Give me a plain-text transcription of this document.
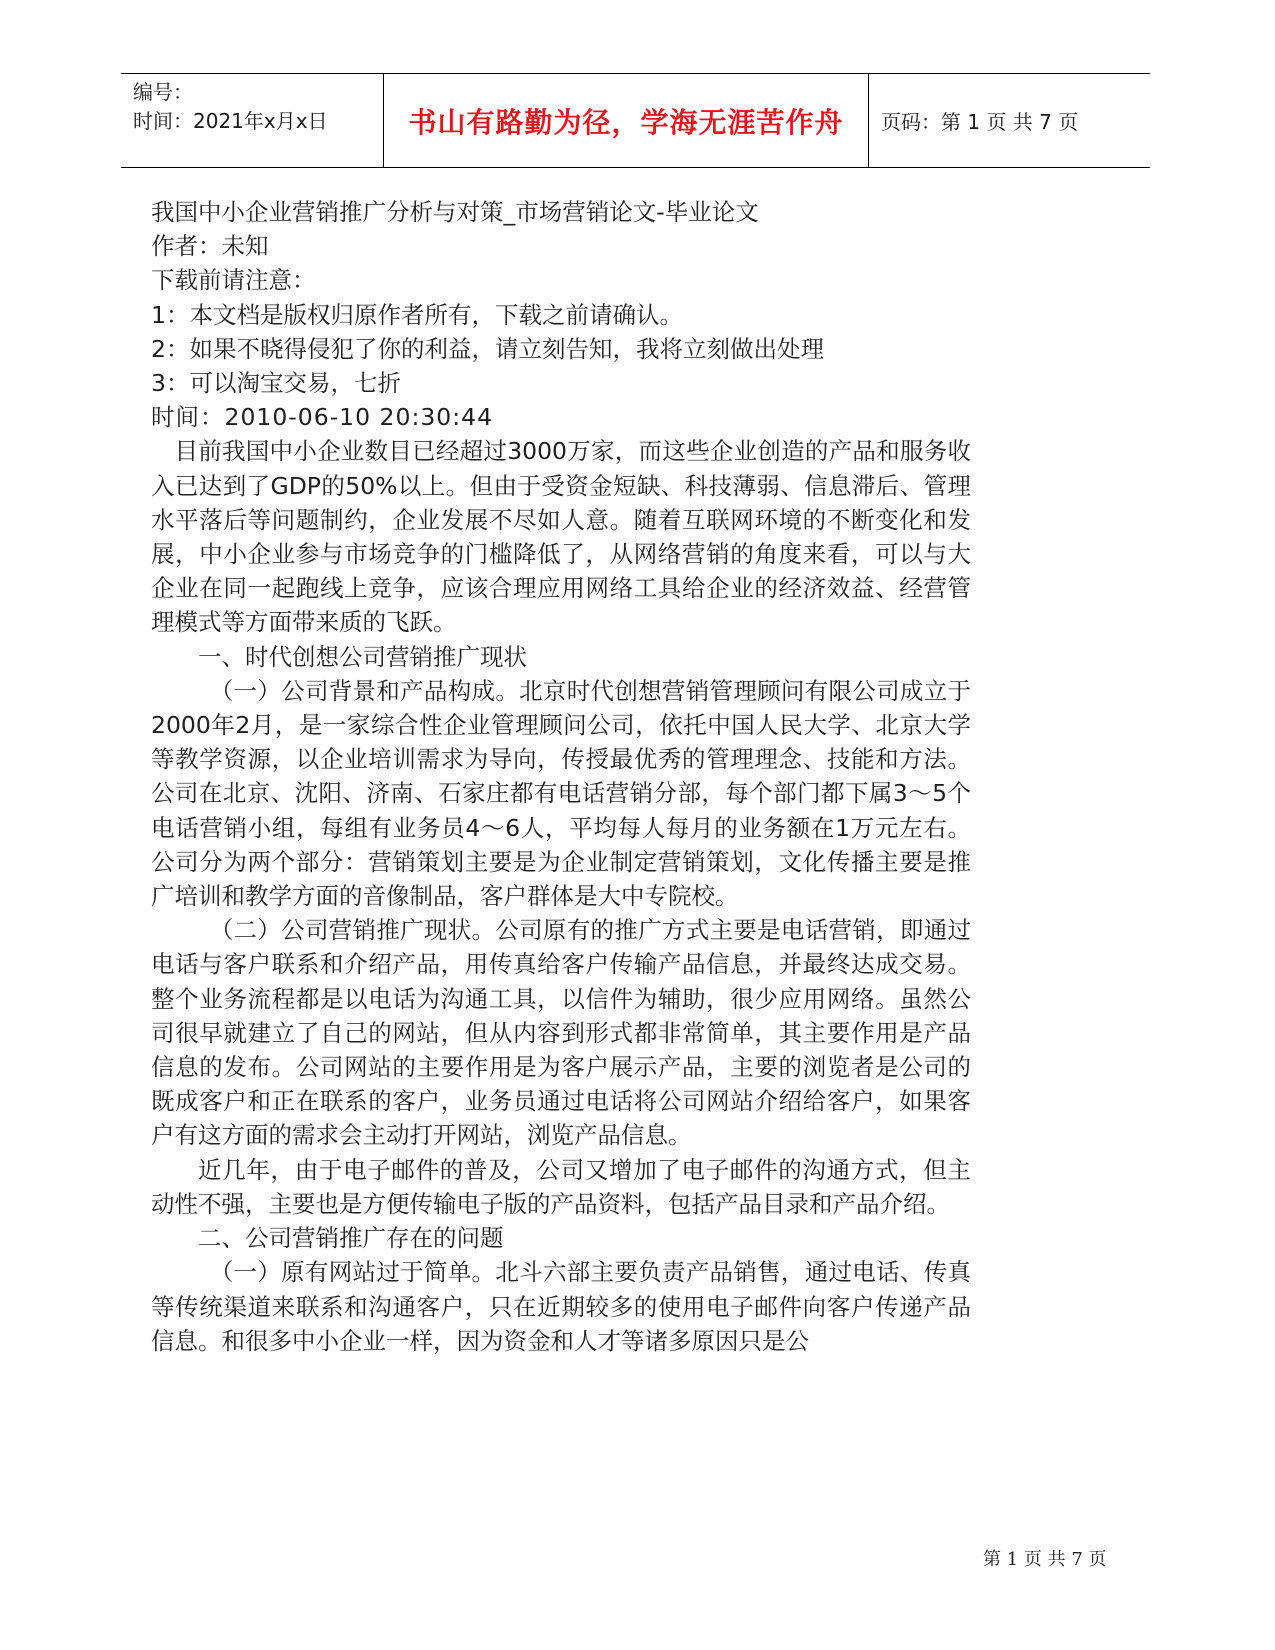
编号：
时间：2021年x月x日	书山有路勤为径，学海无涯苦作舟	页码：第 1 页 共 7 页
我国中小企业营销推广分析与对策_市场营销论文-毕业论文
作者：未知
下载前请注意：
1：本文档是版权归原作者所有，下载之前请确认。
2：如果不晓得侵犯了你的利益，请立刻告知，我将立刻做出处理
3：可以淘宝交易，七折
时间：2010-06-10 20:30:44

目前我国中小企业数目已经超过3000万家，而这些企业创造的产品和服务收入已达到了GDP的50%以上。但由于受资金短缺、科技薄弱、信息滞后、管理水平落后等问题制约，企业发展不尽如人意。随着互联网环境的不断变化和发展，中小企业参与市场竞争的门槛降低了，从网络营销的角度来看，可以与大企业在同一起跑线上竞争，应该合理应用网络工具给企业的经济效益、经营管理模式等方面带来质的飞跃。

一、时代创想公司营销推广现状

（一）公司背景和产品构成。北京时代创想营销管理顾问有限公司成立于2000年2月，是一家综合性企业管理顾问公司，依托中国人民大学、北京大学等教学资源，以企业培训需求为导向，传授最优秀的管理理念、技能和方法。公司在北京、沈阳、济南、石家庄都有电话营销分部，每个部门都下属3～5个电话营销小组，每组有业务员4～6人，平均每人每月的业务额在1万元左右。公司分为两个部分：营销策划主要是为企业制定营销策划，文化传播主要是推广培训和教学方面的音像制品，客户群体是大中专院校。

（二）公司营销推广现状。公司原有的推广方式主要是电话营销，即通过电话与客户联系和介绍产品，用传真给客户传输产品信息，并最终达成交易。整个业务流程都是以电话为沟通工具，以信件为辅助，很少应用网络。虽然公司很早就建立了自己的网站，但从内容到形式都非常简单，其主要作用是产品信息的发布。公司网站的主要作用是为客户展示产品，主要的浏览者是公司的既成客户和正在联系的客户，业务员通过电话将公司网站介绍给客户，如果客户有这方面的需求会主动打开网站，浏览产品信息。

近几年，由于电子邮件的普及，公司又增加了电子邮件的沟通方式，但主动性不强，主要也是方便传输电子版的产品资料，包括产品目录和产品介绍。

二、公司营销推广存在的问题

（一）原有网站过于简单。北斗六部主要负责产品销售，通过电话、传真等传统渠道来联系和沟通客户，只在近期较多的使用电子邮件向客户传递产品信息。和很多中小企业一样，因为资金和人才等诸多原因只是公

第 1 页 共 7 页
